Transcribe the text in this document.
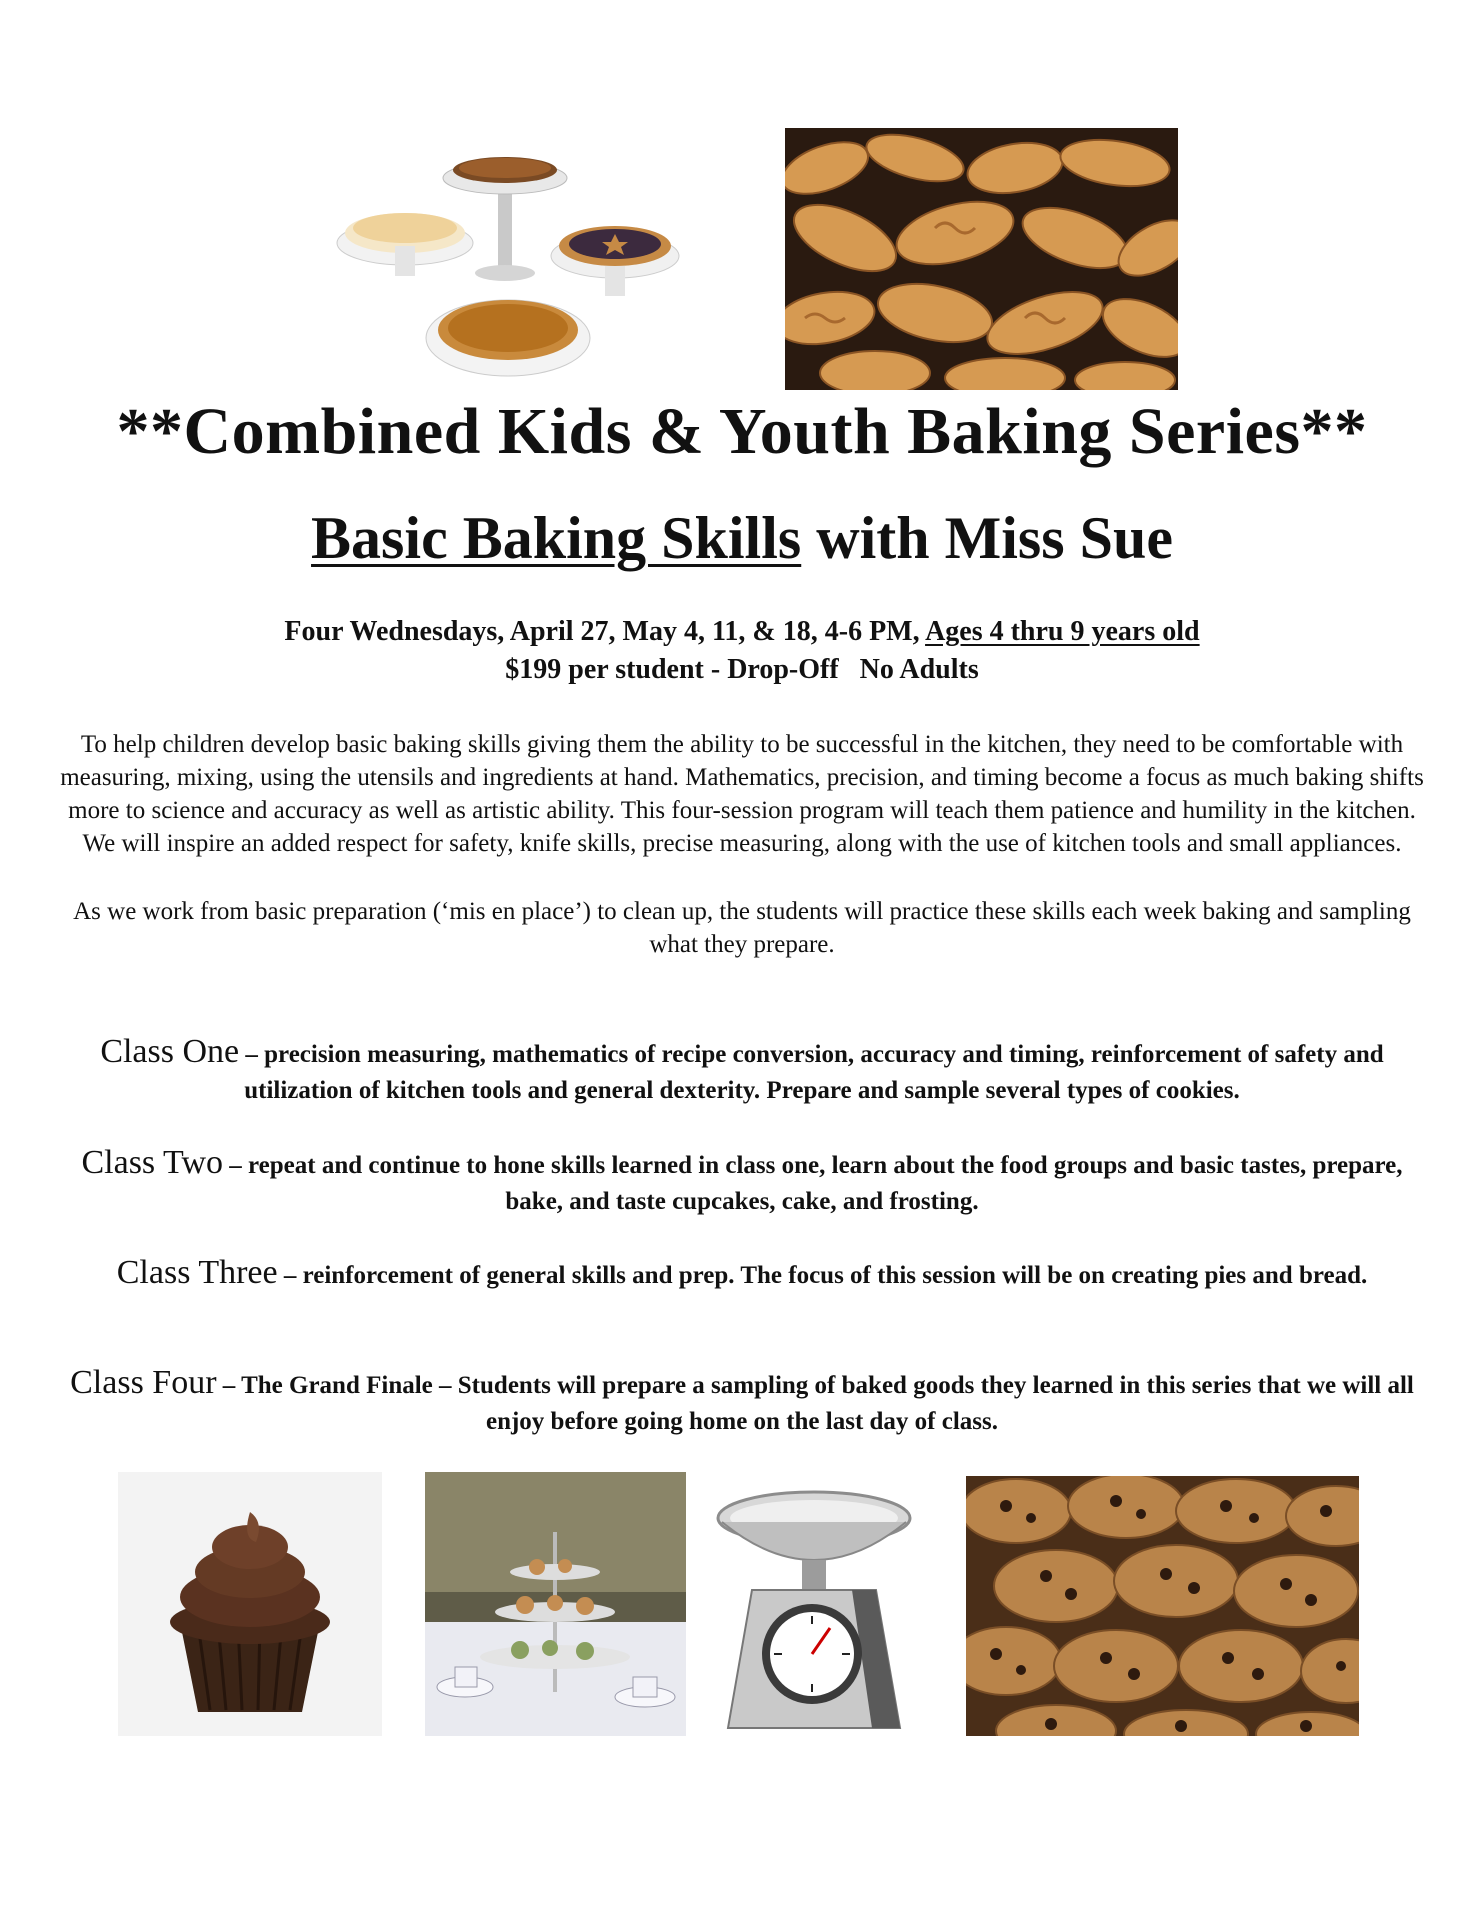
**Combined Kids & Youth Baking Series**
Basic Baking Skills with Miss Sue
Four Wednesdays, April 27, May 4, 11, & 18, 4-6 PM, Ages 4 thru 9 years old
$199 per student - Drop-Off   No Adults
To help children develop basic baking skills giving them the ability to be successful in the kitchen, they need to be comfortable with measuring, mixing, using the utensils and ingredients at hand. Mathematics, precision, and timing become a focus as much baking shifts more to science and accuracy as well as artistic ability. This four-session program will teach them patience and humility in the kitchen. We will inspire an added respect for safety, knife skills, precise measuring, along with the use of kitchen tools and small appliances.
As we work from basic preparation (‘mis en place’) to clean up, the students will practice these skills each week baking and sampling what they prepare.
Class One – precision measuring, mathematics of recipe conversion, accuracy and timing, reinforcement of safety and utilization of kitchen tools and general dexterity. Prepare and sample several types of cookies.
Class Two – repeat and continue to hone skills learned in class one, learn about the food groups and basic tastes, prepare, bake, and taste cupcakes, cake, and frosting.
Class Three – reinforcement of general skills and prep. The focus of this session will be on creating pies and bread.
Class Four – The Grand Finale – Students will prepare a sampling of baked goods they learned in this series that we will all enjoy before going home on the last day of class.
